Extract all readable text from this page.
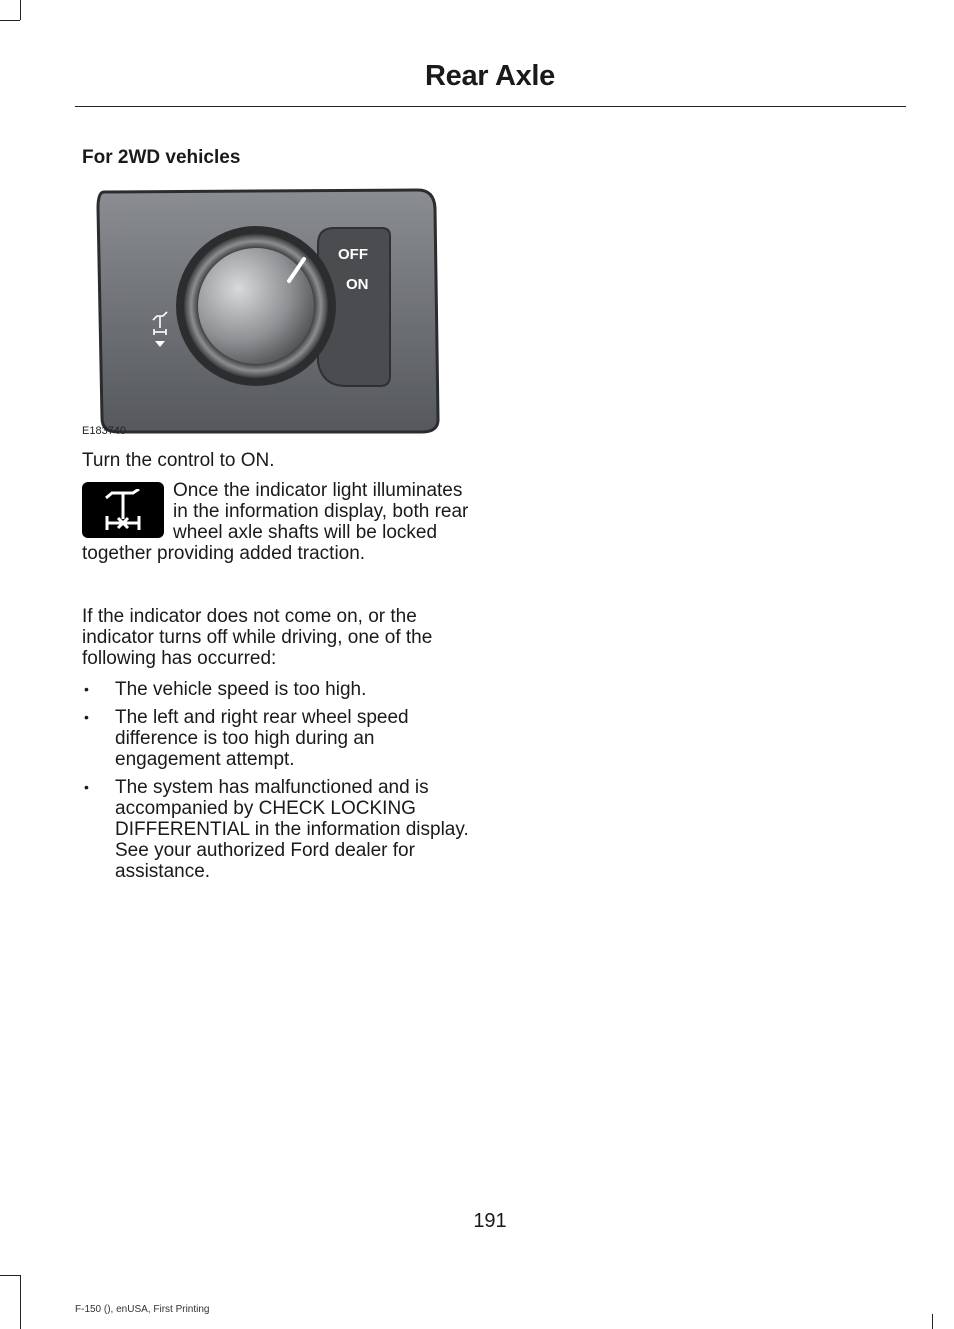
Rear Axle
For 2WD vehicles
OFF
ON
E183740
Turn the control to ON.
Once the indicator light illuminates in the information display, both rear wheel axle shafts will be locked together providing added traction.
If the indicator does not come on, or the indicator turns off while driving, one of the following has occurred:
• The vehicle speed is too high.
• The left and right rear wheel speed difference is too high during an engagement attempt.
• The system has malfunctioned and is accompanied by CHECK LOCKING DIFFERENTIAL in the information display. See your authorized Ford dealer for assistance.
191
F-150 (), enUSA, First Printing
